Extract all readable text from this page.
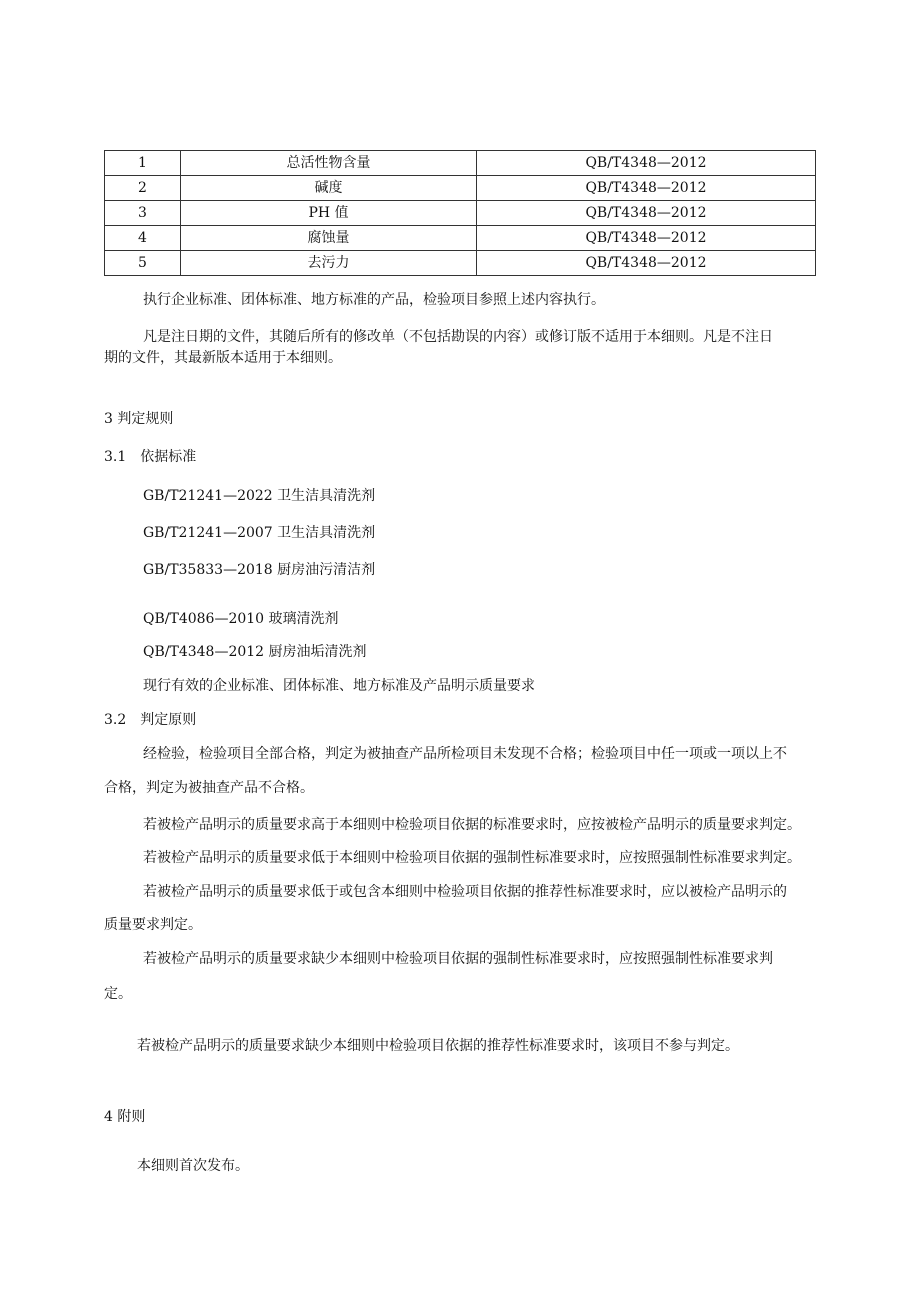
1	总活性物含量	QB/T4348—2012
2	碱度	QB/T4348—2012
3	PH 值	QB/T4348—2012
4	腐蚀量	QB/T4348—2012
5	去污力	QB/T4348—2012
执行企业标准、团体标准、地方标准的产品，检验项目参照上述内容执行。
凡是注日期的文件，其随后所有的修改单（不包括勘误的内容）或修订版不适用于本细则。凡是不注日
期的文件，其最新版本适用于本细则。
3 判定规则
3.1　依据标准
GB/T21241—2022 卫生洁具清洗剂
GB/T21241—2007 卫生洁具清洗剂
GB/T35833—2018 厨房油污清洁剂
QB/T4086—2010 玻璃清洗剂
QB/T4348—2012 厨房油垢清洗剂
现行有效的企业标准、团体标准、地方标准及产品明示质量要求
3.2　判定原则
经检验，检验项目全部合格，判定为被抽查产品所检项目未发现不合格；检验项目中任一项或一项以上不
合格，判定为被抽查产品不合格。
若被检产品明示的质量要求高于本细则中检验项目依据的标准要求时，应按被检产品明示的质量要求判定。
若被检产品明示的质量要求低于本细则中检验项目依据的强制性标准要求时，应按照强制性标准要求判定。
若被检产品明示的质量要求低于或包含本细则中检验项目依据的推荐性标准要求时，应以被检产品明示的
质量要求判定。
若被检产品明示的质量要求缺少本细则中检验项目依据的强制性标准要求时，应按照强制性标准要求判
定。
若被检产品明示的质量要求缺少本细则中检验项目依据的推荐性标准要求时，该项目不参与判定。
4 附则
本细则首次发布。
